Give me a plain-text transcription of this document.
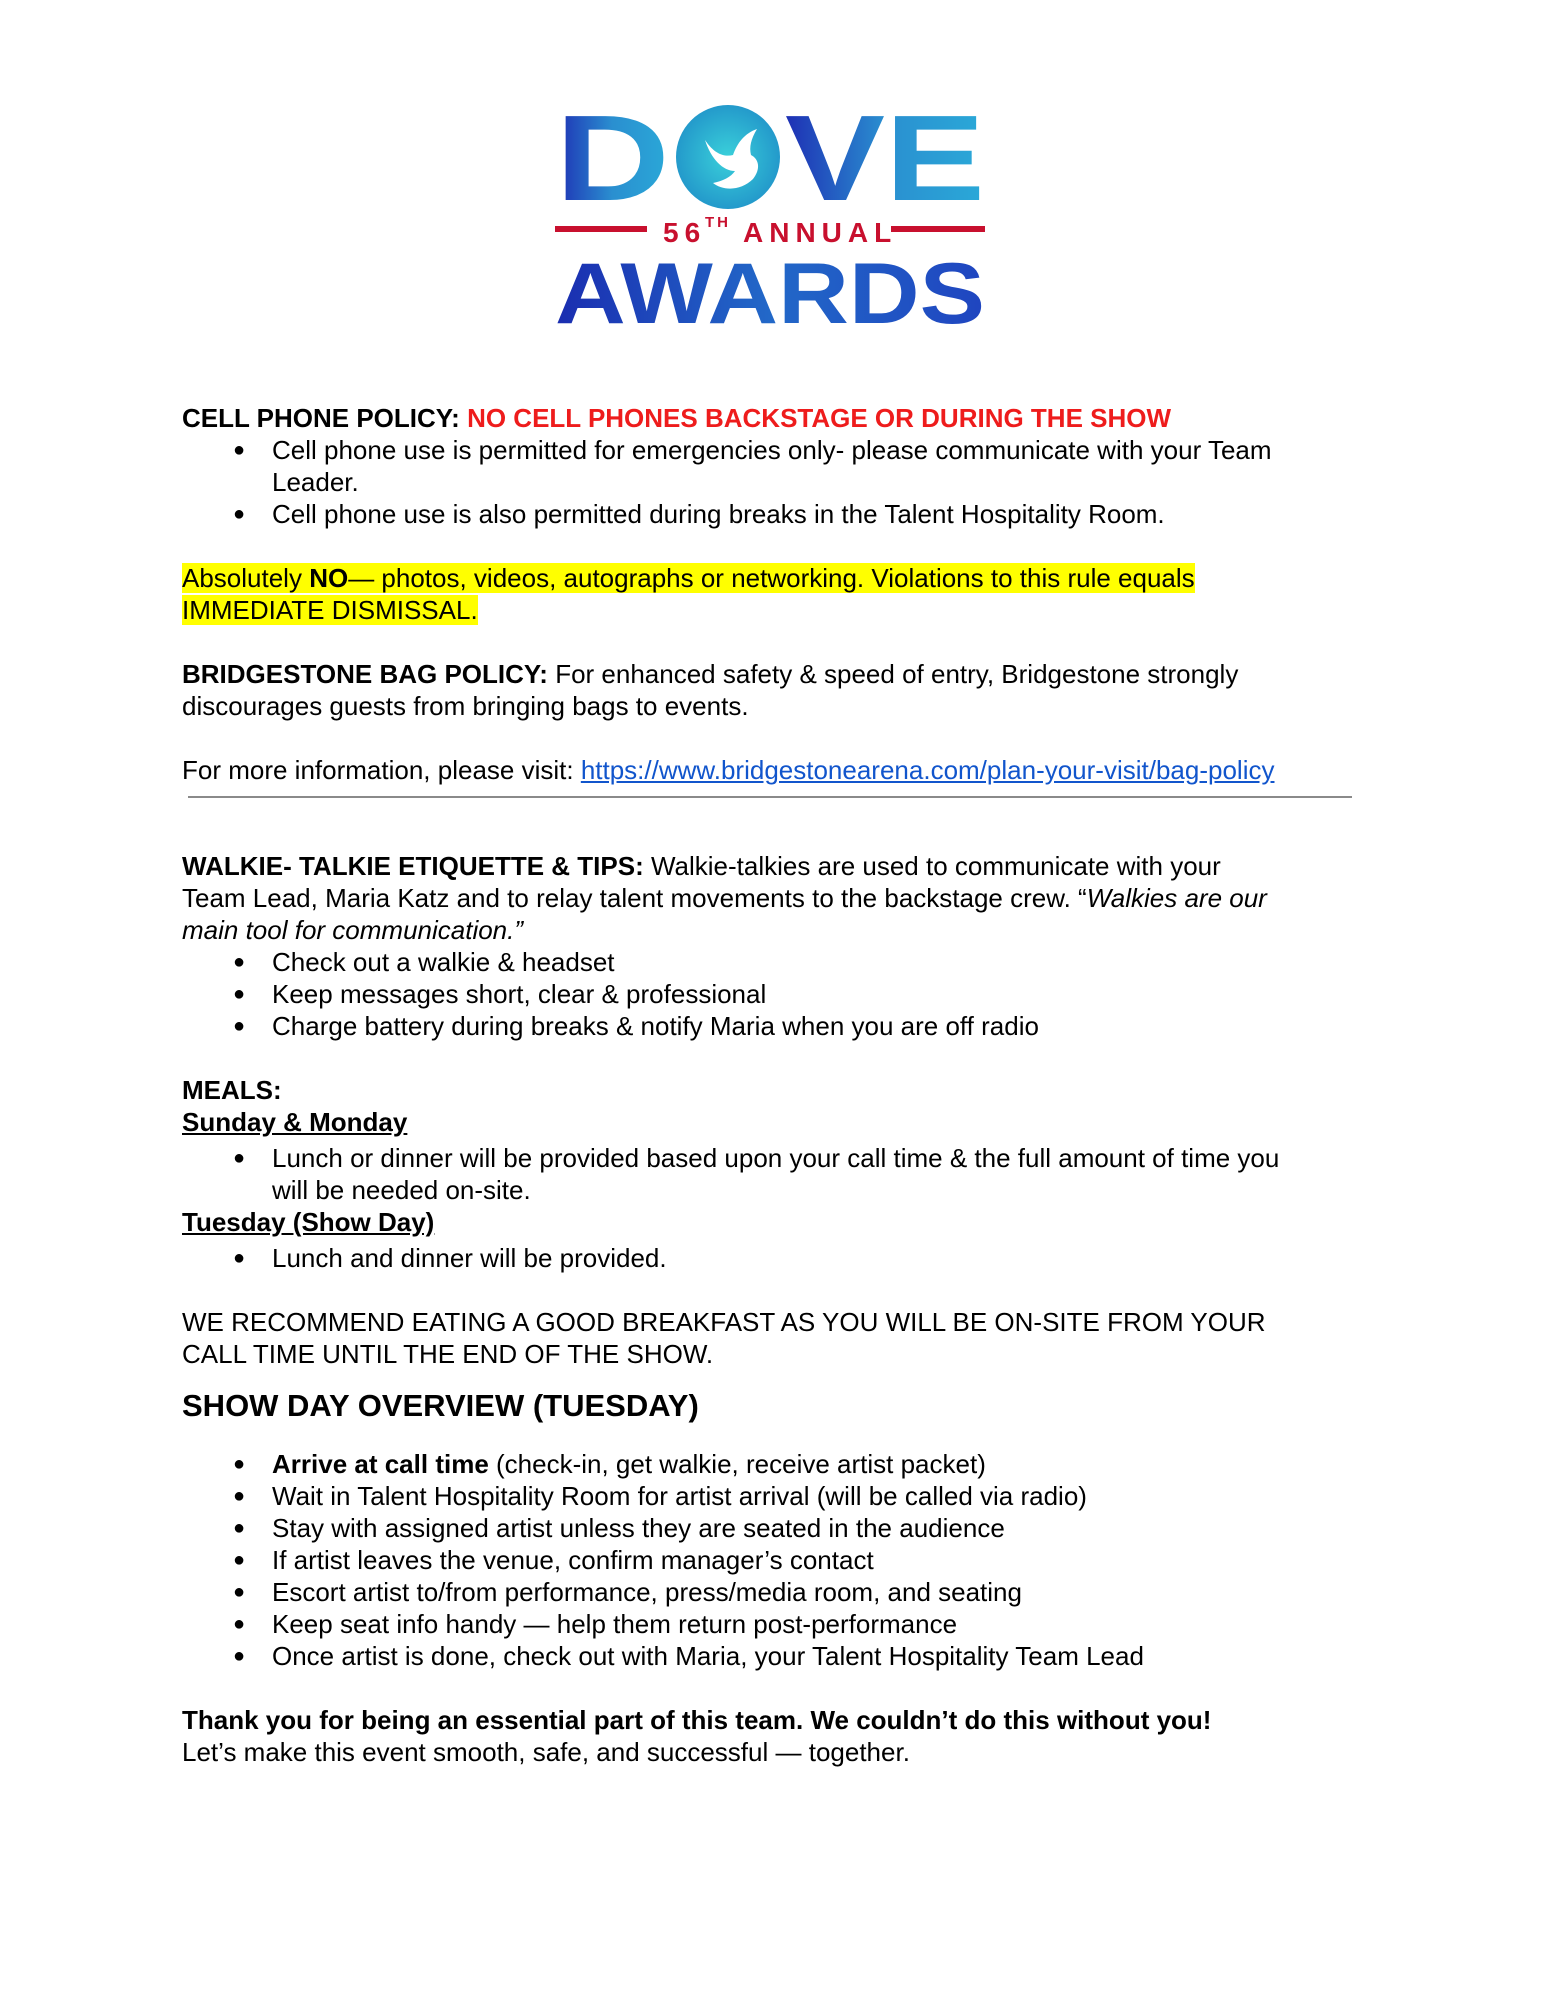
D VE
56
TH ANNUAL
AWARDS

CELL PHONE POLICY: NO CELL PHONES BACKSTAGE OR DURING THE SHOW

● Cell phone use is permitted for emergencies only- please communicate with your Team Leader.
● Cell phone use is also permitted during breaks in the Talent Hospitality Room.

Absolutely NO— photos, videos, autographs or networking. Violations to this rule equals
IMMEDIATE DISMISSAL.

BRIDGESTONE BAG POLICY: For enhanced safety & speed of entry, Bridgestone strongly
discourages guests from bringing bags to events.

For more information, please visit: https://www.bridgestonearena.com/plan-your-visit/bag-policy

WALKIE- TALKIE ETIQUETTE & TIPS: Walkie-talkies are used to communicate with your
Team Lead, Maria Katz and to relay talent movements to the backstage crew. “Walkies are our
main tool for communication.”

● Check out a walkie & headset
● Keep messages short, clear & professional
● Charge battery during breaks & notify Maria when you are off radio

MEALS:

Sunday & Monday

● Lunch or dinner will be provided based upon your call time & the full amount of time you
will be needed on-site.

Tuesday (Show Day)

● Lunch and dinner will be provided.

WE RECOMMEND EATING A GOOD BREAKFAST AS YOU WILL BE ON-SITE FROM YOUR
CALL TIME UNTIL THE END OF THE SHOW.

SHOW DAY OVERVIEW (TUESDAY)

● Arrive at call time (check-in, get walkie, receive artist packet)
● Wait in Talent Hospitality Room for artist arrival (will be called via radio)
● Stay with assigned artist unless they are seated in the audience
● If artist leaves the venue, confirm manager’s contact
● Escort artist to/from performance, press/media room, and seating
● Keep seat info handy — help them return post-performance
● Once artist is done, check out with Maria, your Talent Hospitality Team Lead

Thank you for being an essential part of this team. We couldn’t do this without you!
Let’s make this event smooth, safe, and successful — together.
